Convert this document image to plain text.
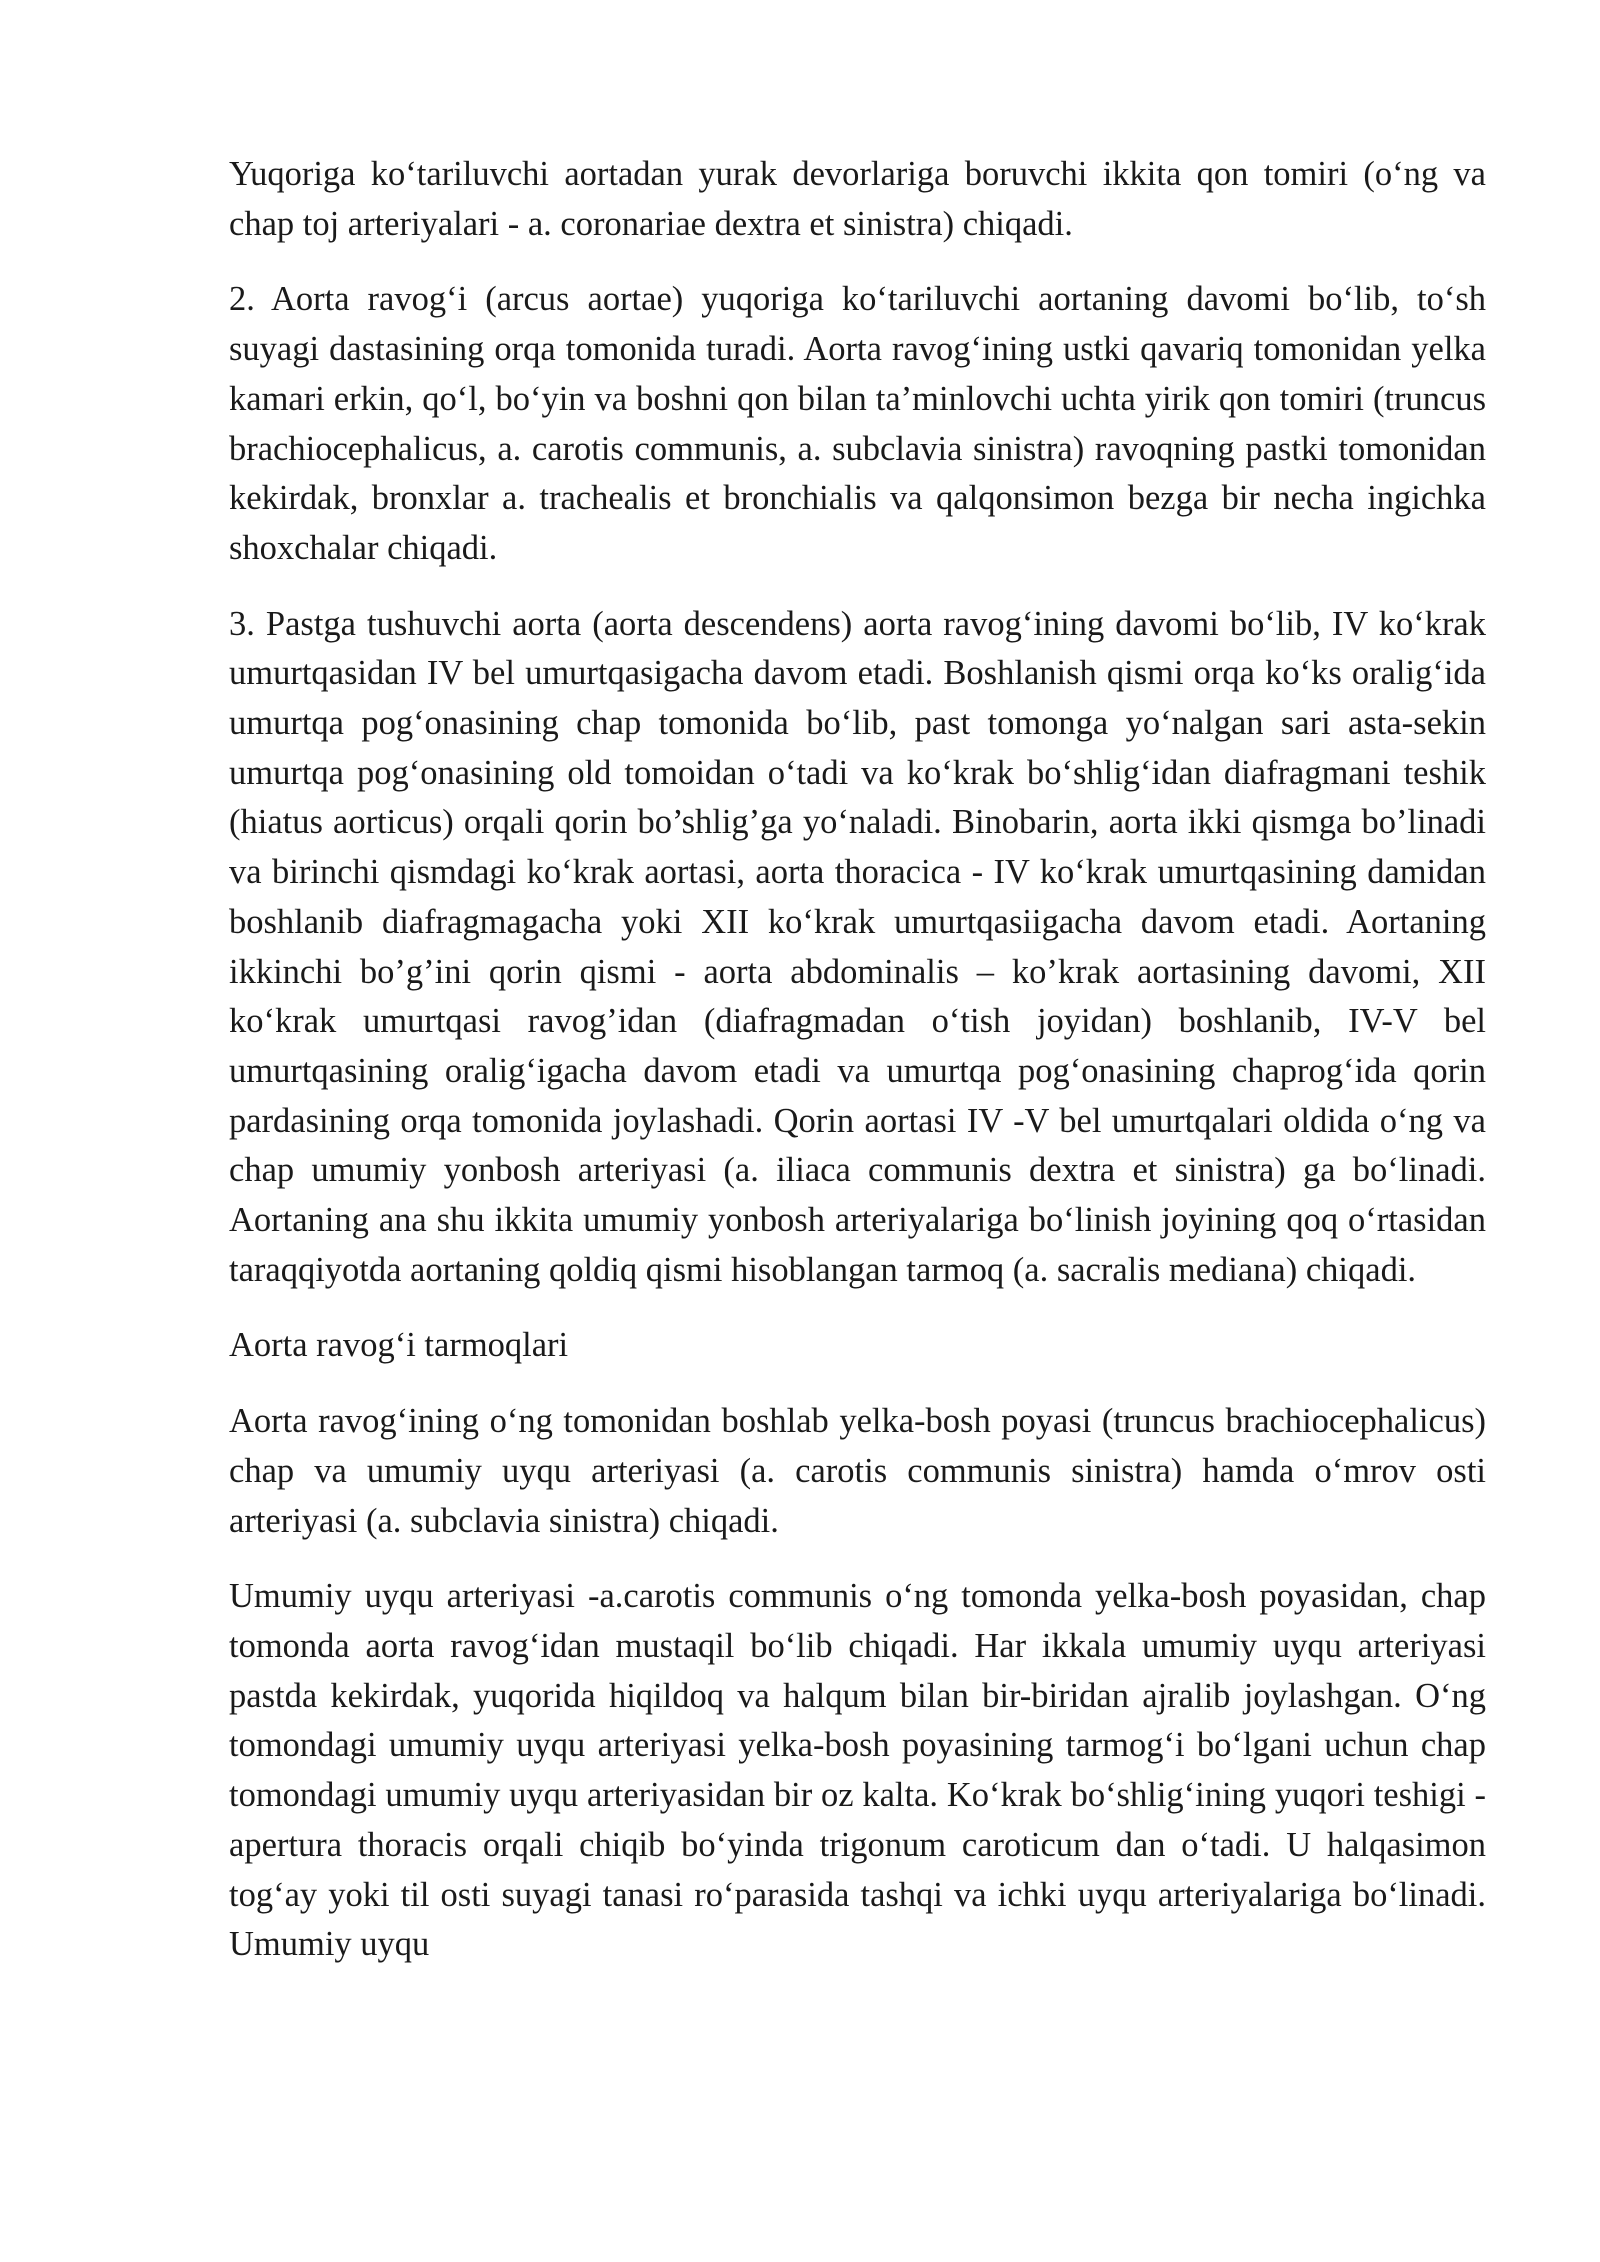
Yuqoriga ko‘tariluvchi aortadan yurak devorlariga boruvchi ikkita qon tomiri (o‘ng va chap toj arteriyalari - a. coronariae dextra et sinistra) chiqadi.

2. Aorta ravog‘i (arcus aortae) yuqoriga ko‘tariluvchi aortaning davomi bo‘lib, to‘sh suyagi dastasining orqa tomonida turadi. Aorta ravog‘ining ustki qavariq tomonidan yelka kamari erkin, qo‘l, bo‘yin va boshni qon bilan ta’minlovchi uchta yirik qon tomiri (truncus brachiocephalicus, a. carotis communis, a. subclavia sinistra) ravoqning pastki tomonidan kekirdak, bronxlar a. trachealis et bronchialis va qalqonsimon bezga bir necha ingichka shoxchalar chiqadi.

3. Pastga tushuvchi aorta (aorta descendens) aorta ravog‘ining davomi bo‘lib, IV ko‘krak umurtqasidan IV bel umurtqasigacha davom etadi. Boshlanish qismi orqa ko‘ks oralig‘ida umurtqa pog‘onasining chap tomonida bo‘lib, past tomonga yo‘nalgan sari asta-sekin umurtqa pog‘onasining old tomoidan o‘tadi va ko‘krak bo‘shlig‘idan diafragmani teshik (hiatus aorticus) orqali qorin bo’shlig’ga yo‘naladi. Binobarin, aorta ikki qismga bo’linadi va birinchi qismdagi ko‘krak aortasi, aorta thoracica - IV ko‘krak umurtqasining damidan boshlanib diafragmagacha yoki XII ko‘krak umurtqasiigacha davom etadi. Aortaning ikkinchi bo’g’ini qorin qismi - aorta abdominalis – ko’krak aortasining davomi, XII ko‘krak umurtqasi ravog’idan (diafragmadan o‘tish joyidan) boshlanib, IV-V bel umurtqasining oralig‘igacha davom etadi va umurtqa pog‘onasining chaprog‘ida qorin pardasining orqa tomonida joylashadi. Qorin aortasi IV -V bel umurtqalari oldida o‘ng va chap umumiy yonbosh arteriyasi (a. iliaca communis dextra et sinistra) ga bo‘linadi. Aortaning ana shu ikkita umumiy yonbosh arteriyalariga bo‘linish joyining qoq o‘rtasidan taraqqiyotda aortaning qoldiq qismi hisoblangan tarmoq (a. sacralis mediana) chiqadi.

Aorta ravog‘i tarmoqlari

Aorta ravog‘ining o‘ng tomonidan boshlab yelka-bosh poyasi (truncus brachiocephalicus) chap va umumiy uyqu arteriyasi (a. carotis communis sinistra) hamda o‘mrov osti arteriyasi (a. subclavia sinistra) chiqadi.

Umumiy uyqu arteriyasi -a.carotis communis o‘ng tomonda yelka-bosh poyasidan, chap tomonda aorta ravog‘idan mustaqil bo‘lib chiqadi. Har ikkala umumiy uyqu arteriyasi pastda kekirdak, yuqorida hiqildoq va halqum bilan bir-biridan ajralib joylashgan. O‘ng tomondagi umumiy uyqu arteriyasi yelka-bosh poyasining tarmog‘i bo‘lgani uchun chap tomondagi umumiy uyqu arteriyasidan bir oz kalta. Ko‘krak bo‘shlig‘ining yuqori teshigi - apertura thoracis orqali chiqib bo‘yinda trigonum caroticum dan o‘tadi. U halqasimon tog‘ay yoki til osti suyagi tanasi ro‘parasida tashqi va ichki uyqu arteriyalariga bo‘linadi. Umumiy uyqu
